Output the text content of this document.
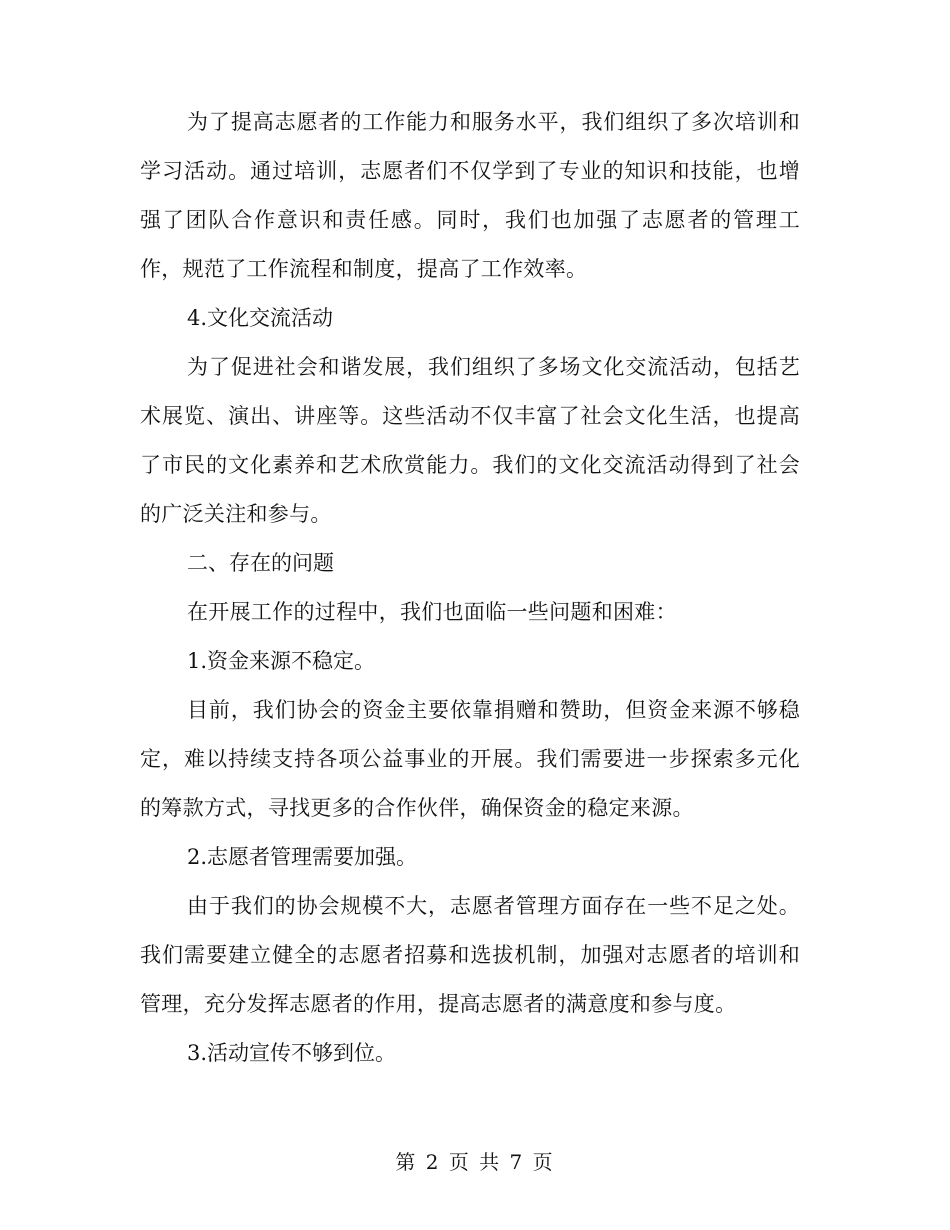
为了提高志愿者的工作能力和服务水平，我们组织了多次培训和学习活动。通过培训，志愿者们不仅学到了专业的知识和技能，也增强了团队合作意识和责任感。同时，我们也加强了志愿者的管理工作，规范了工作流程和制度，提高了工作效率。

4.文化交流活动

为了促进社会和谐发展，我们组织了多场文化交流活动，包括艺术展览、演出、讲座等。这些活动不仅丰富了社会文化生活，也提高了市民的文化素养和艺术欣赏能力。我们的文化交流活动得到了社会的广泛关注和参与。

二、存在的问题

在开展工作的过程中，我们也面临一些问题和困难：

1.资金来源不稳定。

目前，我们协会的资金主要依靠捐赠和赞助，但资金来源不够稳定，难以持续支持各项公益事业的开展。我们需要进一步探索多元化的筹款方式，寻找更多的合作伙伴，确保资金的稳定来源。

2.志愿者管理需要加强。

由于我们的协会规模不大，志愿者管理方面存在一些不足之处。我们需要建立健全的志愿者招募和选拔机制，加强对志愿者的培训和管理，充分发挥志愿者的作用，提高志愿者的满意度和参与度。

3.活动宣传不够到位。

第 2 页 共 7 页
